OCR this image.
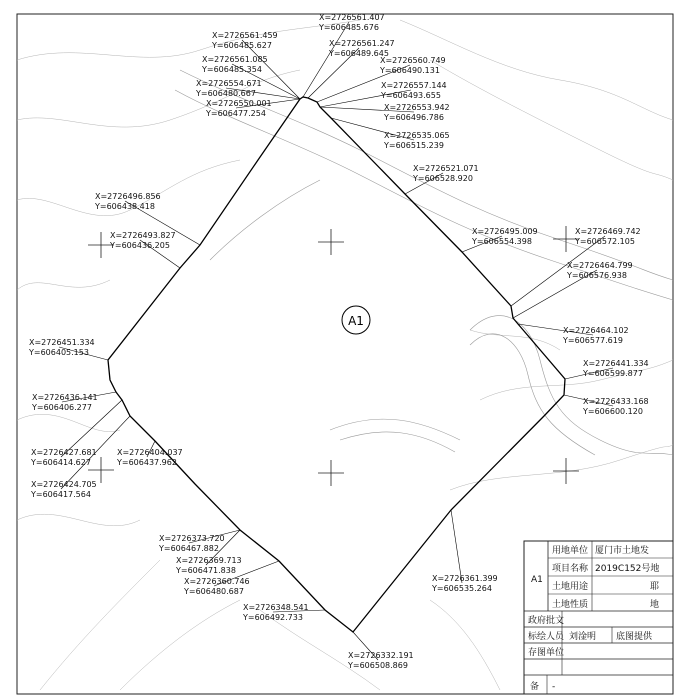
A1
X=2726561.459
Y=606485.627
X=2726561.407
Y=606485.676
X=2726561.247
Y=606489.645
X=2726561.085
Y=606485.354
X=2726560.749
Y=606490.131
X=2726554.671
Y=606480.667
X=2726557.144
Y=606493.655
X=2726550.001
Y=606477.254
X=2726553.942
Y=606496.786
X=2726535.065
Y=606515.239
X=2726521.071
Y=606528.920
X=2726496.856
Y=606438.418
X=2726493.827
Y=606436.205
X=2726495.009
Y=606554.398
X=2726469.742
Y=606572.105
X=2726464.799
Y=606576.938
X=2726464.102
Y=606577.619
X=2726451.334
Y=606405.153
X=2726441.334
Y=606599.877
X=2726436.141
Y=606406.277
X=2726433.168
Y=606600.120
X=2726427.681
Y=606414.627
X=2726424.705
Y=606417.564
X=2726404.037
Y=606437.962
X=2726373.720
Y=606467.882
X=2726369.713
Y=606471.838
X=2726360.746
Y=606480.687
X=2726361.399
Y=606535.264
X=2726348.541
Y=606492.733
X=2726332.191
Y=606508.869
A1
用地单位 厦门市土地发
项目名称 2019C152号地
土地用途	耶
土地性质	地
政府批文
标绘人员 刘淦明 底图提供
存图单位
备 -
